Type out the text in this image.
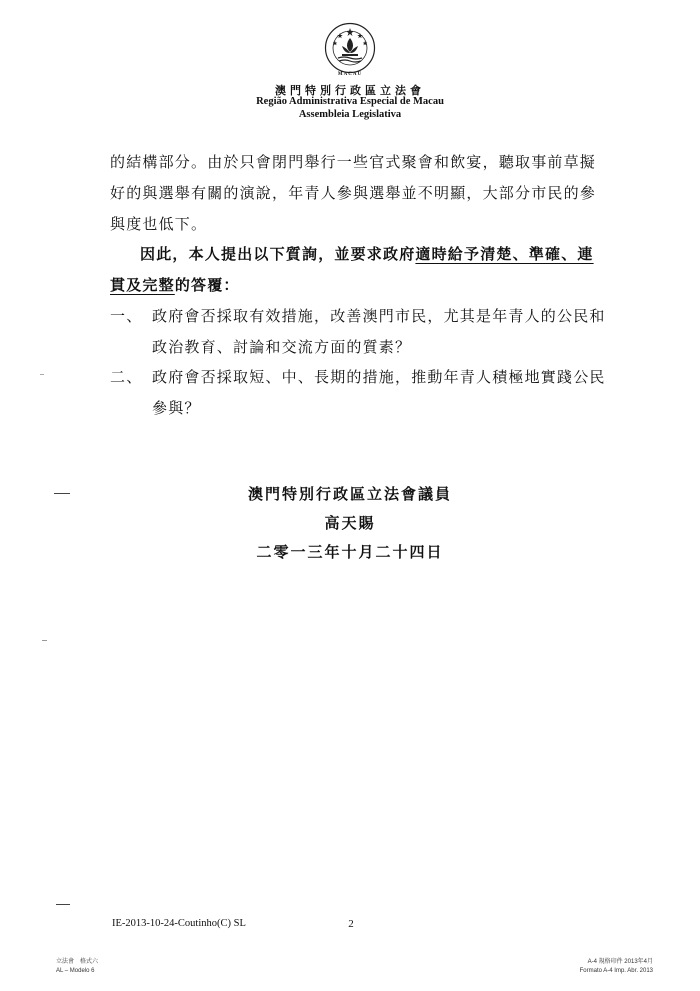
MACAU
澳門特別行政區立法會
Região Administrativa Especial de Macau
Assembleia Legislativa
的結構部分。由於只會閉門舉行一些官式聚會和飲宴，聽取事前草擬好的與選舉有關的演說，年青人參與選舉並不明顯，大部分市民的參與度也低下。
因此，本人提出以下質詢，並要求政府適時給予清楚、準確、連貫及完整的答覆：
一、 政府會否採取有效措施，改善澳門市民，尤其是年青人的公民和政治教育、討論和交流方面的質素？
二、 政府會否採取短、中、長期的措施，推動年青人積極地實踐公民參與？
澳門特別行政區立法會議員
高天賜
二零一三年十月二十四日
IE-2013-10-24-Coutinho(C) SL	2
立法會　格式六
AL – Modelo 6
A-4 規格印件 2013年4月
Formato A-4 Imp. Abr. 2013
